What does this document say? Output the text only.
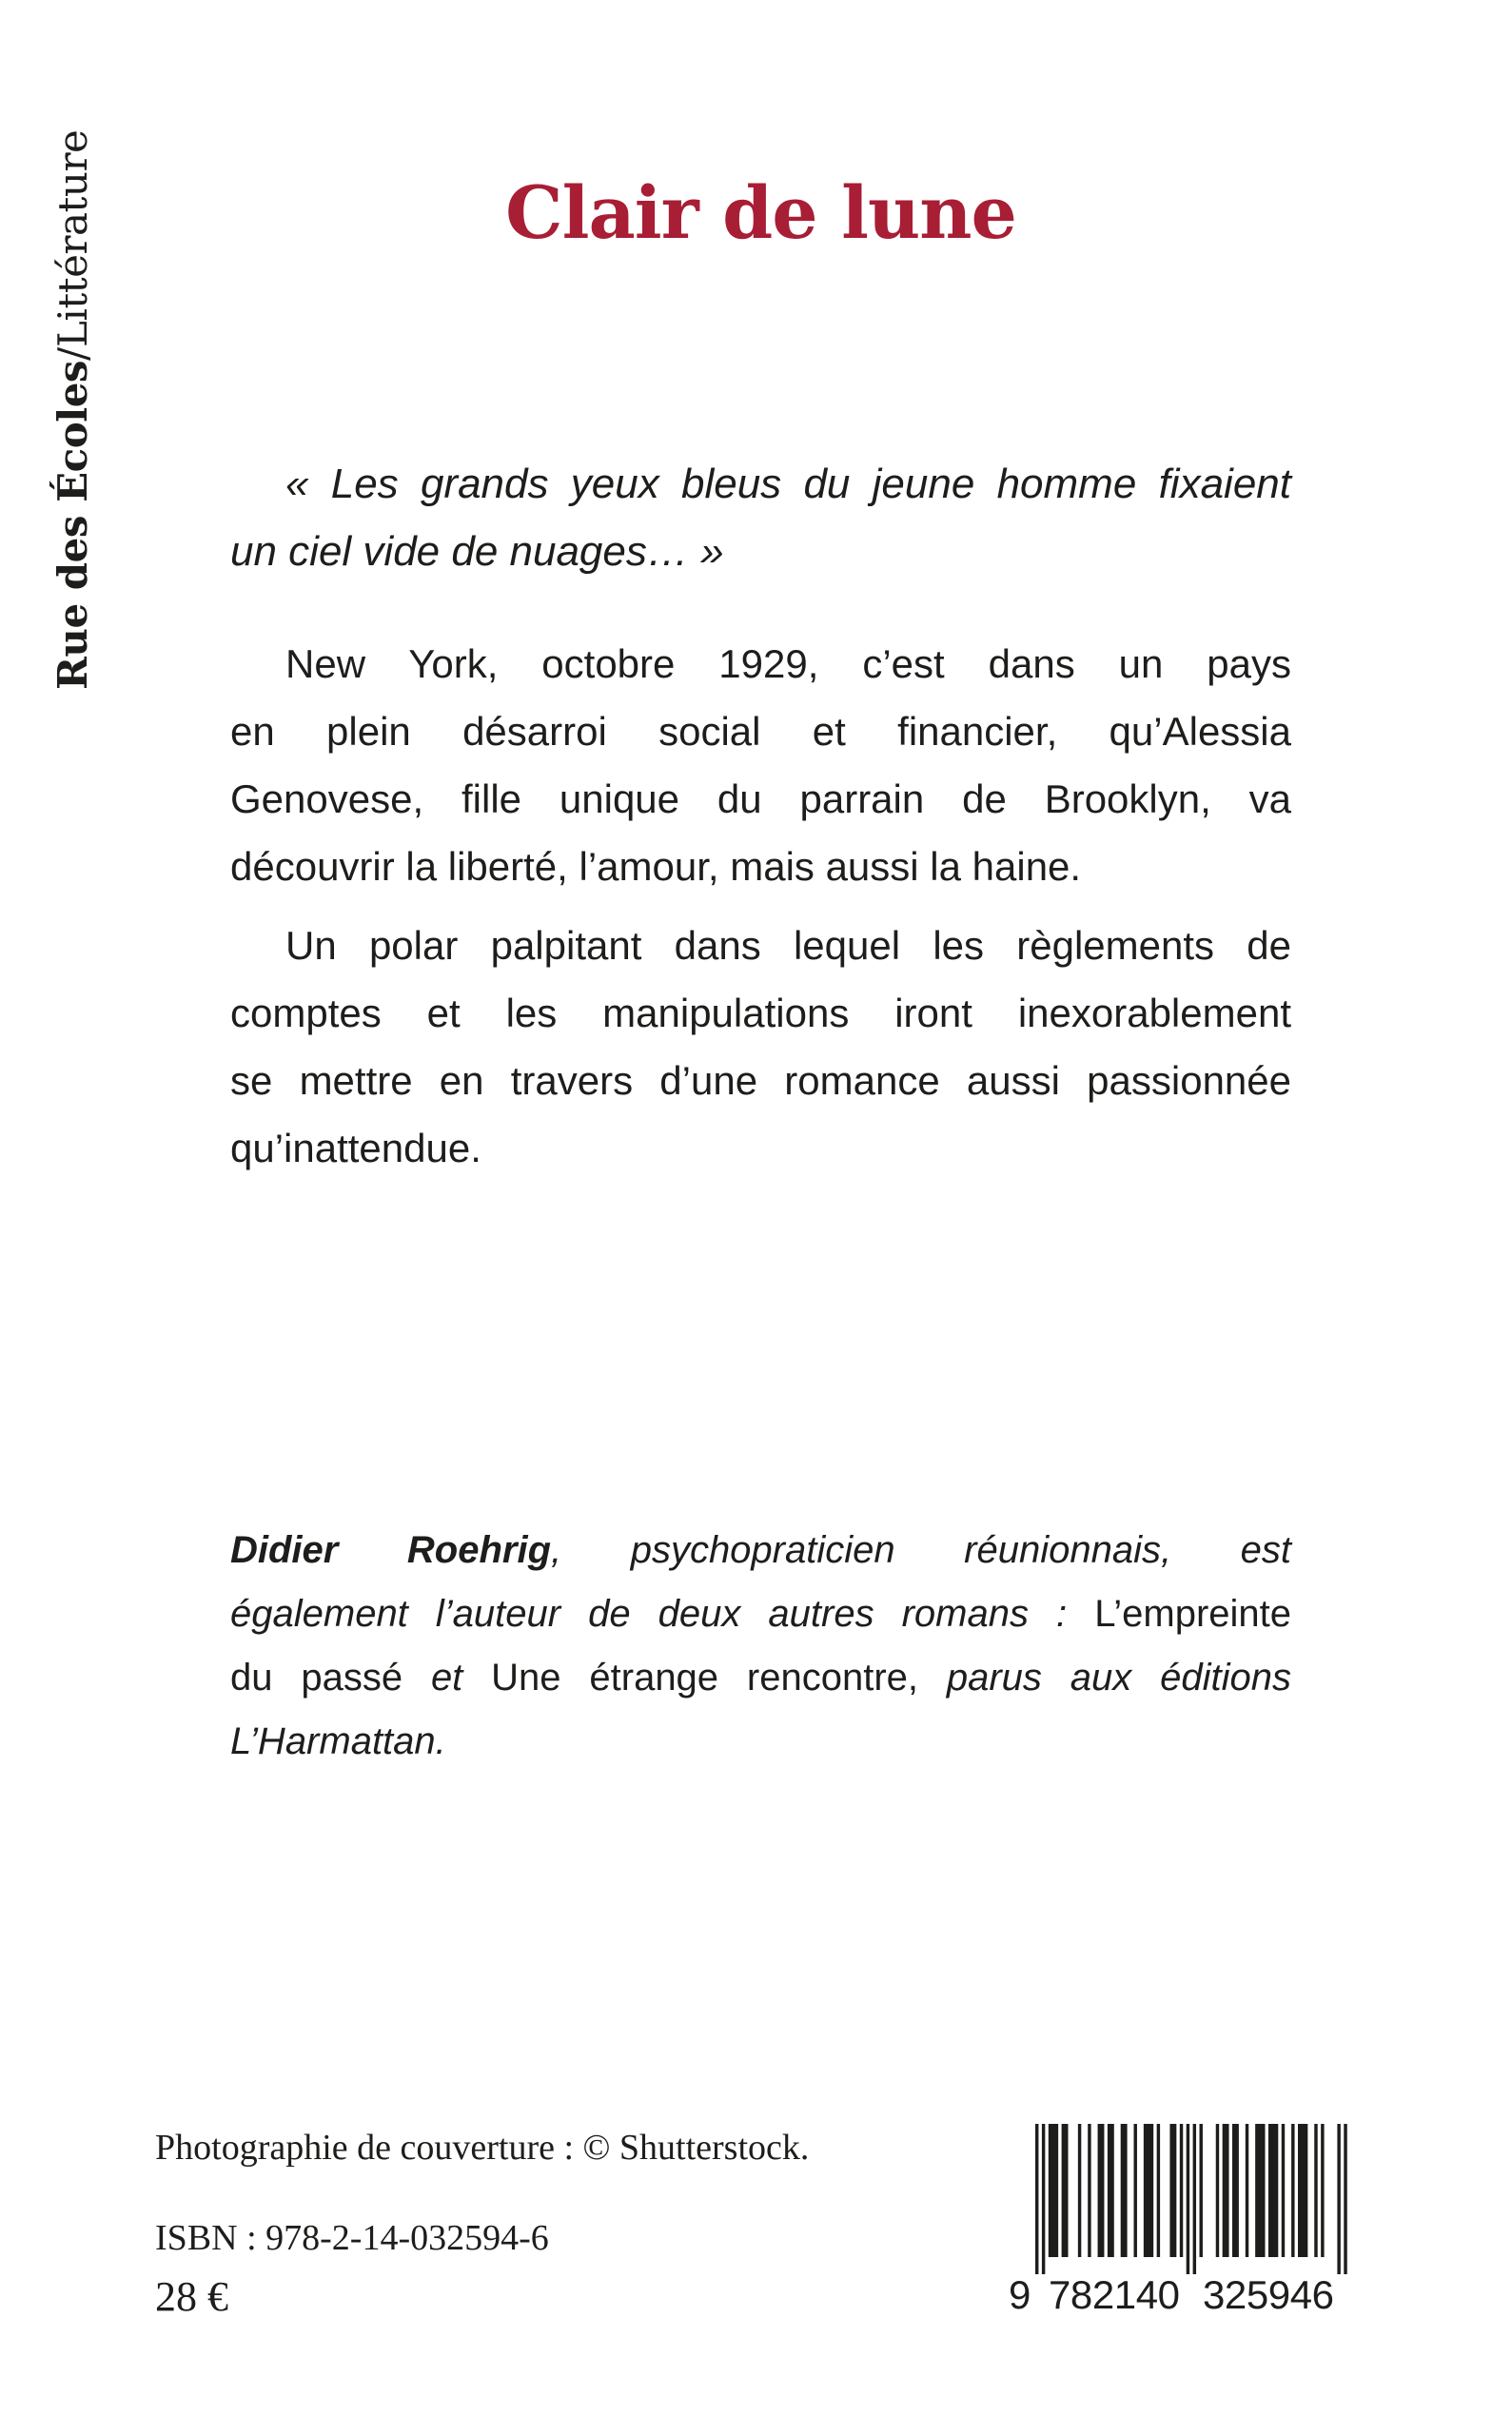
Rue des Écoles
/
Littérature	Clair de lune
« Les grands yeux bleus du jeune homme fixaient
un ciel vide de nuages… »
New York, octobre 1929, c’est dans un pays
en plein désarroi social et financier, qu’Alessia
Genovese, fille unique du parrain de Brooklyn, va
découvrir la liberté, l’amour, mais aussi la haine.
Un polar palpitant dans lequel les règlements de
comptes et les manipulations iront inexorablement
se mettre en travers d’une romance aussi passionnée
qu’inattendue.
Didier Roehrig, psychopraticien réunionnais, est
également l’auteur de deux autres romans : L’empreinte
du passé et Une étrange rencontre, parus aux éditions
L’Harmattan.
Photographie de couverture : © Shutterstock.
ISBN : 978-2-14-032594-6
28 €	9 782140 325946
